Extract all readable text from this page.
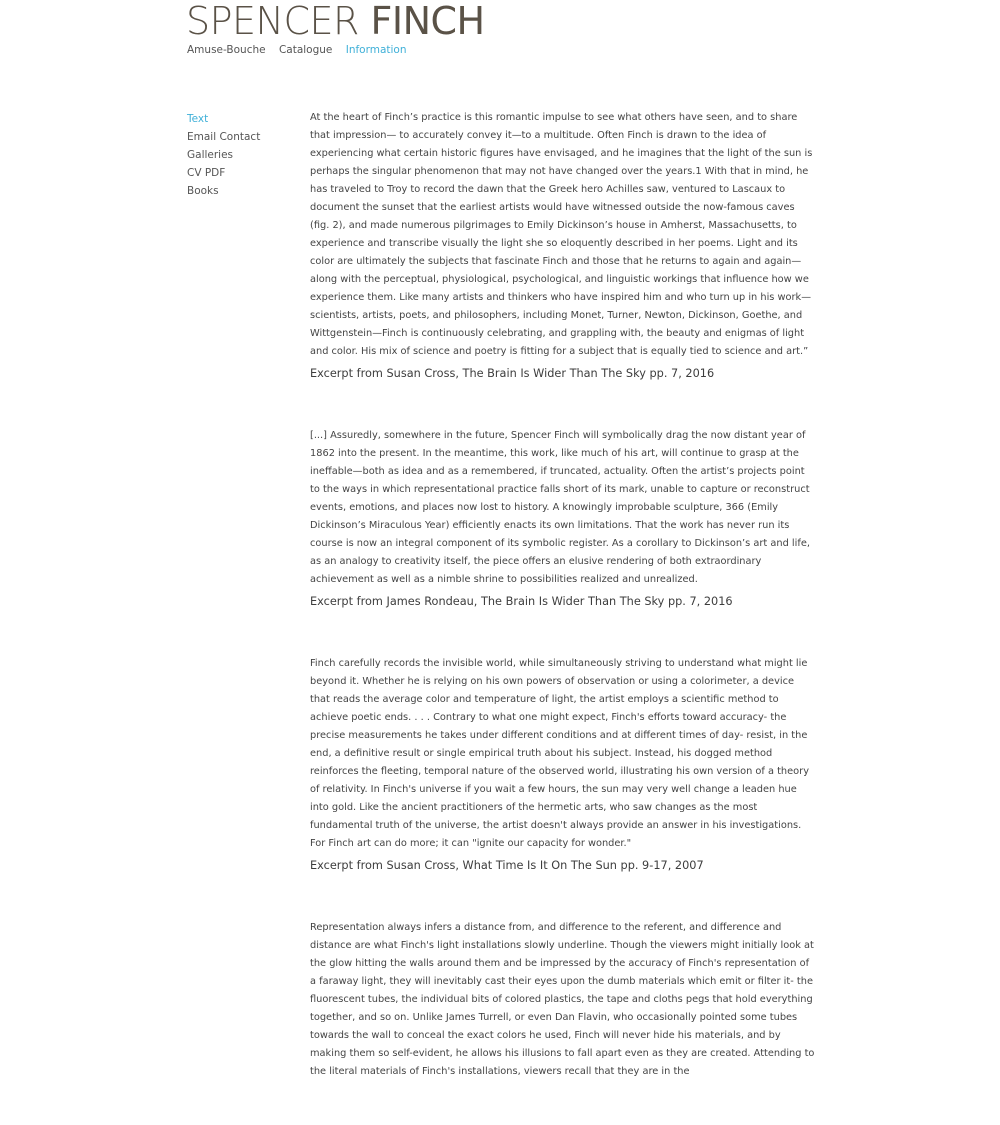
SPENCER FINCH
Amuse-Bouche Catalogue Information
Text
Email Contact
Galleries
CV PDF
Books

At the heart of Finch’s practice is this romantic impulse to see what others have seen, and to share that impression— to accurately convey it—to a multitude. Often Finch is drawn to the idea of experiencing what certain historic figures have envisaged, and he imagines that the light of the sun is perhaps the singular phenomenon that may not have changed over the years.1 With that in mind, he has traveled to Troy to record the dawn that the Greek hero Achilles saw, ventured to Lascaux to document the sunset that the earliest artists would have witnessed outside the now-famous caves (fig. 2), and made numerous pilgrimages to Emily Dickinson’s house in Amherst, Massachusetts, to experience and transcribe visually the light she so eloquently described in her poems. Light and its color are ultimately the subjects that fascinate Finch and those that he returns to again and again—along with the perceptual, physiological, psychological, and linguistic workings that influence how we experience them. Like many artists and thinkers who have inspired him and who turn up in his work—scientists, artists, poets, and philosophers, including Monet, Turner, Newton, Dickinson, Goethe, and Wittgenstein—Finch is continuously celebrating, and grappling with, the beauty and enigmas of light and color. His mix of science and poetry is fitting for a subject that is equally tied to science and art.”

Excerpt from Susan Cross, The Brain Is Wider Than The Sky pp. 7, 2016

[...] Assuredly, somewhere in the future, Spencer Finch will symbolically drag the now distant year of 1862 into the present. In the meantime, this work, like much of his art, will continue to grasp at the ineffable—both as idea and as a remembered, if truncated, actuality. Often the artist’s projects point to the ways in which representational practice falls short of its mark, unable to capture or reconstruct events, emotions, and places now lost to history. A knowingly improbable sculpture, 366 (Emily Dickinson’s Miraculous Year) efficiently enacts its own limitations. That the work has never run its course is now an integral component of its symbolic register. As a corollary to Dickinson’s art and life, as an analogy to creativity itself, the piece offers an elusive rendering of both extraordinary achievement as well as a nimble shrine to possibilities realized and unrealized.

Excerpt from James Rondeau, The Brain Is Wider Than The Sky pp. 7, 2016

Finch carefully records the invisible world, while simultaneously striving to understand what might lie beyond it. Whether he is relying on his own powers of observation or using a colorimeter, a device that reads the average color and temperature of light, the artist employs a scientific method to achieve poetic ends. . . . Contrary to what one might expect, Finch's efforts toward accuracy- the precise measurements he takes under different conditions and at different times of day- resist, in the end, a definitive result or single empirical truth about his subject. Instead, his dogged method reinforces the fleeting, temporal nature of the observed world, illustrating his own version of a theory of relativity. In Finch's universe if you wait a few hours, the sun may very well change a leaden hue into gold. Like the ancient practitioners of the hermetic arts, who saw changes as the most fundamental truth of the universe, the artist doesn't always provide an answer in his investigations. For Finch art can do more; it can "ignite our capacity for wonder."

Excerpt from Susan Cross, What Time Is It On The Sun pp. 9-17, 2007

Representation always infers a distance from, and difference to the referent, and difference and distance are what Finch's light installations slowly underline. Though the viewers might initially look at the glow hitting the walls around them and be impressed by the accuracy of Finch's representation of a faraway light, they will inevitably cast their eyes upon the dumb materials which emit or filter it- the fluorescent tubes, the individual bits of colored plastics, the tape and cloths pegs that hold everything together, and so on. Unlike James Turrell, or even Dan Flavin, who occasionally pointed some tubes towards the wall to conceal the exact colors he used, Finch will never hide his materials, and by making them so self-evident, he allows his illusions to fall apart even as they are created. Attending to the literal materials of Finch's installations, viewers recall that they are in the
